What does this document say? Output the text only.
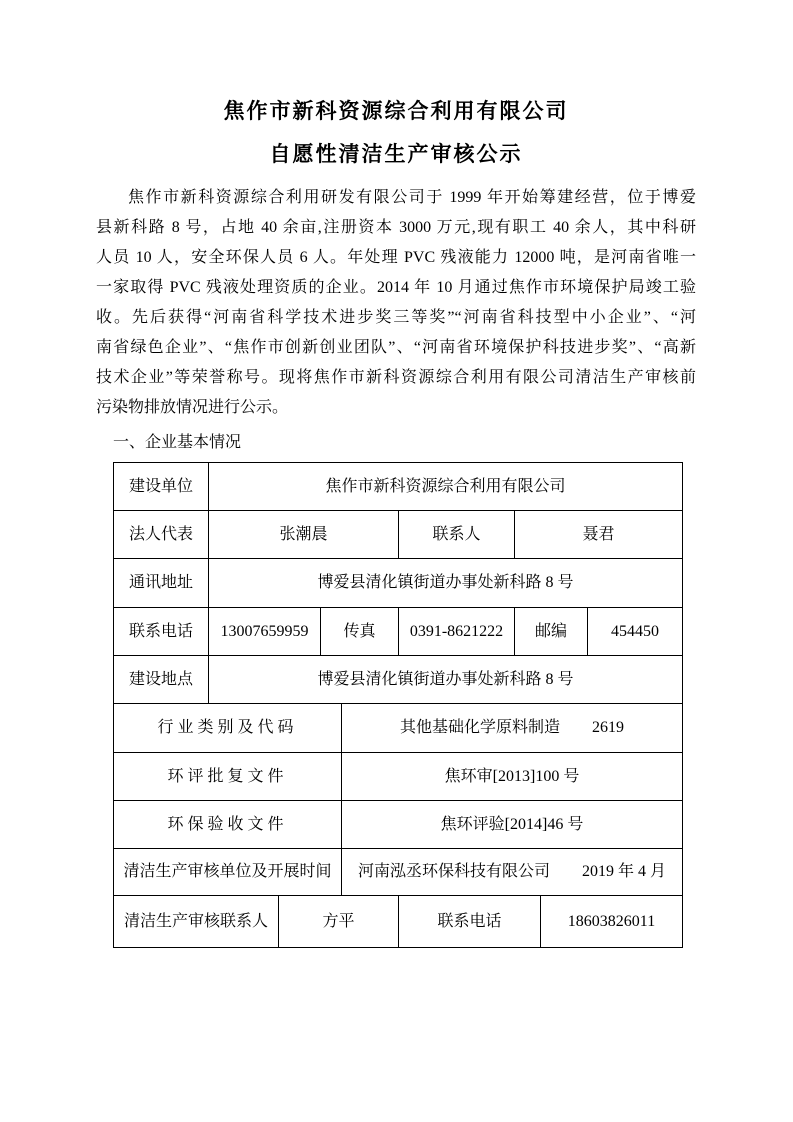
焦作市新科资源综合利用有限公司
自愿性清洁生产审核公示
焦作市新科资源综合利用研发有限公司于 1999 年开始筹建经营，位于博爱
县新科路 8 号，占地 40 余亩,注册资本 3000 万元,现有职工 40 余人，其中科研
人员 10 人，安全环保人员 6 人。年处理 PVC 残液能力 12000 吨，是河南省唯一
一家取得 PVC 残液处理资质的企业。2014 年 10 月通过焦作市环境保护局竣工验
收。先后获得“河南省科学技术进步奖三等奖”“河南省科技型中小企业”、“河
南省绿色企业”、“焦作市创新创业团队”、“河南省环境保护科技进步奖”、“高新
技术企业”等荣誉称号。现将焦作市新科资源综合利用有限公司清洁生产审核前
污染物排放情况进行公示。
一、企业基本情况
建设单位	焦作市新科资源综合利用有限公司							
法人代表	张潮晨				联系人	聂君		
通讯地址	博爱县清化镇街道办事处新科路 8 号							
联系电话	13007659959		传真		0391-8621222	邮编		454450
建设地点	博爱县清化镇街道办事处新科路 8 号							
行业类别及代码				其他基础化学原料制造　　2619				
环评批复文件				焦环审[2013]100 号				
环保验收文件				焦环评验[2014]46 号				
清洁生产审核单位及开展时间				河南泓丞环保科技有限公司　　2019 年 4 月				
清洁生产审核联系人		方平			联系电话		18603826011	
